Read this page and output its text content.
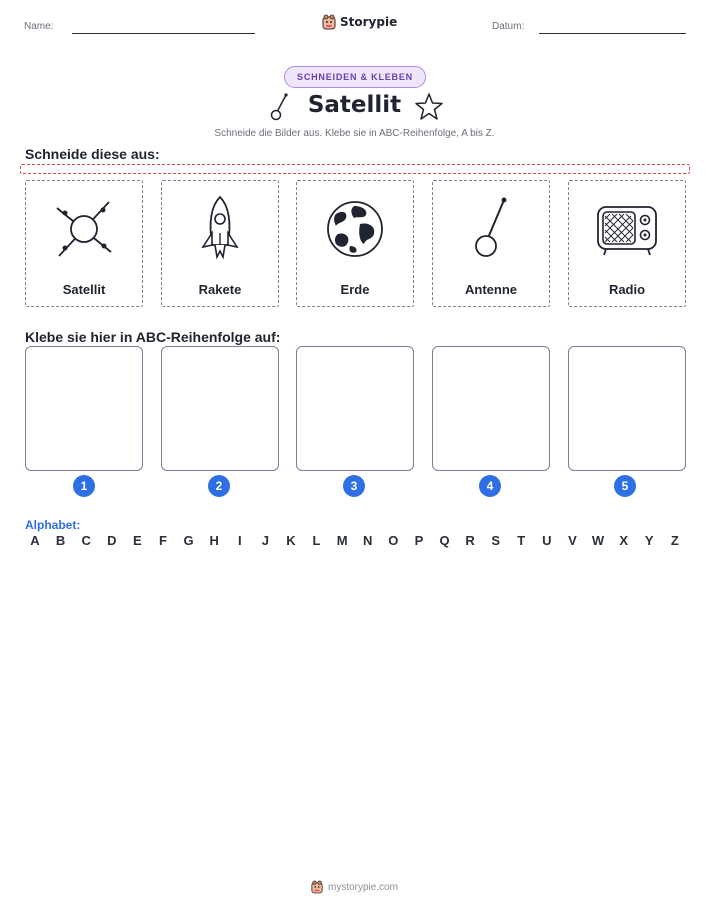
Name:	Storypie	Datum:
SCHNEIDEN & KLEBEN
Satellit
Schneide die Bilder aus. Klebe sie in ABC-Reihenfolge, A bis Z.
Schneide diese aus:
Satellit	Rakete	Erde	Antenne	Radio
Klebe sie hier in ABC-Reihenfolge auf:
1	2	3	4	5
Alphabet:
A	B	C	D	E	F	G	H	I	J	K	L	M	N	O	P	Q	R	S	T	U	V	W	X	Y	Z
mystorypie.com
